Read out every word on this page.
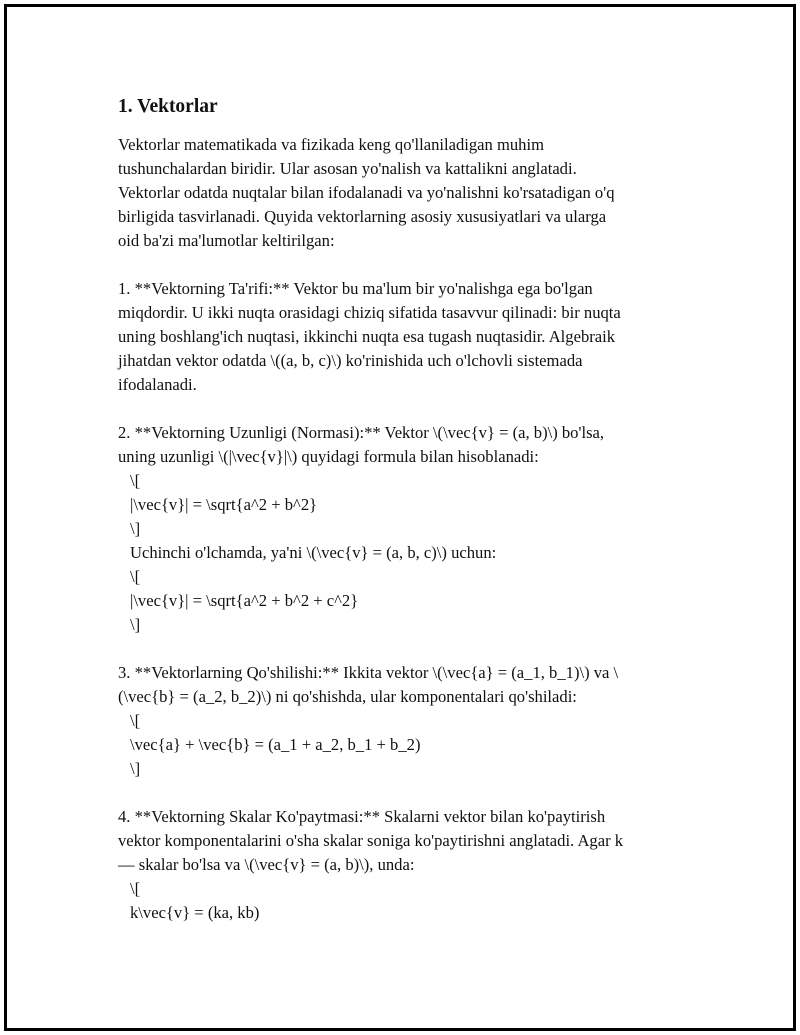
1. Vektorlar
Vektorlar matematikada va fizikada keng qo'llaniladigan muhim
tushunchalardan biridir. Ular asosan yo'nalish va kattalikni anglatadi.
Vektorlar odatda nuqtalar bilan ifodalanadi va yo'nalishni ko'rsatadigan o'q
birligida tasvirlanadi. Quyida vektorlarning asosiy xususiyatlari va ularga
oid ba'zi ma'lumotlar keltirilgan:
1. **Vektorning Ta'rifi:** Vektor bu ma'lum bir yo'nalishga ega bo'lgan
miqdordir. U ikki nuqta orasidagi chiziq sifatida tasavvur qilinadi: bir nuqta
uning boshlang'ich nuqtasi, ikkinchi nuqta esa tugash nuqtasidir. Algebraik
jihatdan vektor odatda \((a, b, c)\) ko'rinishida uch o'lchovli sistemada
ifodalanadi.
2. **Vektorning Uzunligi (Normasi):** Vektor \(\vec{v} = (a, b)\) bo'lsa,
uning uzunligi \(|\vec{v}|\) quyidagi formula bilan hisoblanadi:
\[
|\vec{v}| = \sqrt{a^2 + b^2}
\]
Uchinchi o'lchamda, ya'ni \(\vec{v} = (a, b, c)\) uchun:
\[
|\vec{v}| = \sqrt{a^2 + b^2 + c^2}
\]
3. **Vektorlarning Qo'shilishi:** Ikkita vektor \(\vec{a} = (a_1, b_1)\) va \
(\vec{b} = (a_2, b_2)\) ni qo'shishda, ular komponentalari qo'shiladi:
\[
\vec{a} + \vec{b} = (a_1 + a_2, b_1 + b_2)
\]
4. **Vektorning Skalar Ko'paytmasi:** Skalarni vektor bilan ko'paytirish
vektor komponentalarini o'sha skalar soniga ko'paytirishni anglatadi. Agar k
— skalar bo'lsa va \(\vec{v} = (a, b)\), unda:
\[
k\vec{v} = (ka, kb)
